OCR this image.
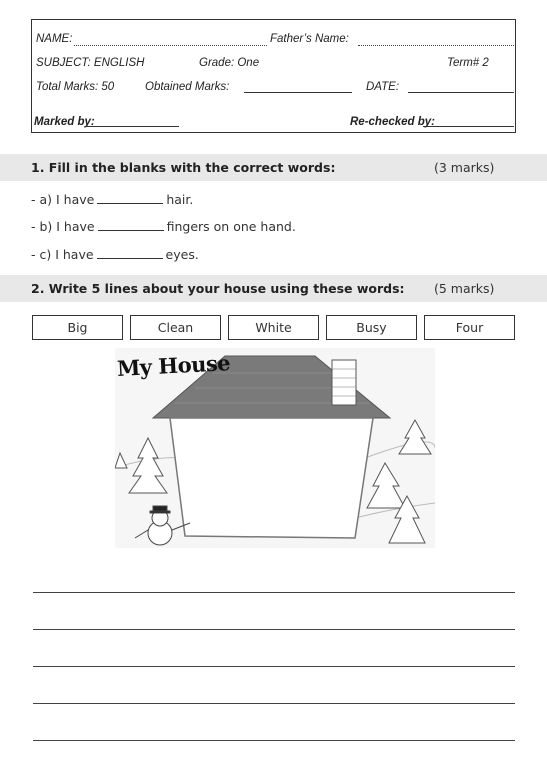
NAME:	Father’s Name:
SUBJECT: ENGLISH	Grade: One	Term# 2
Total Marks: 50	Obtained Marks:	DATE:
Marked by:	Re-checked by:
1. Fill in the blanks with the correct words:	(3 marks)
- a) I have	hair.
- b) I have	fingers on one hand.
- c) I have	eyes.
2. Write 5 lines about your house using these words: (5 marks)
Big	Clean	White	Busy	Four
My House
